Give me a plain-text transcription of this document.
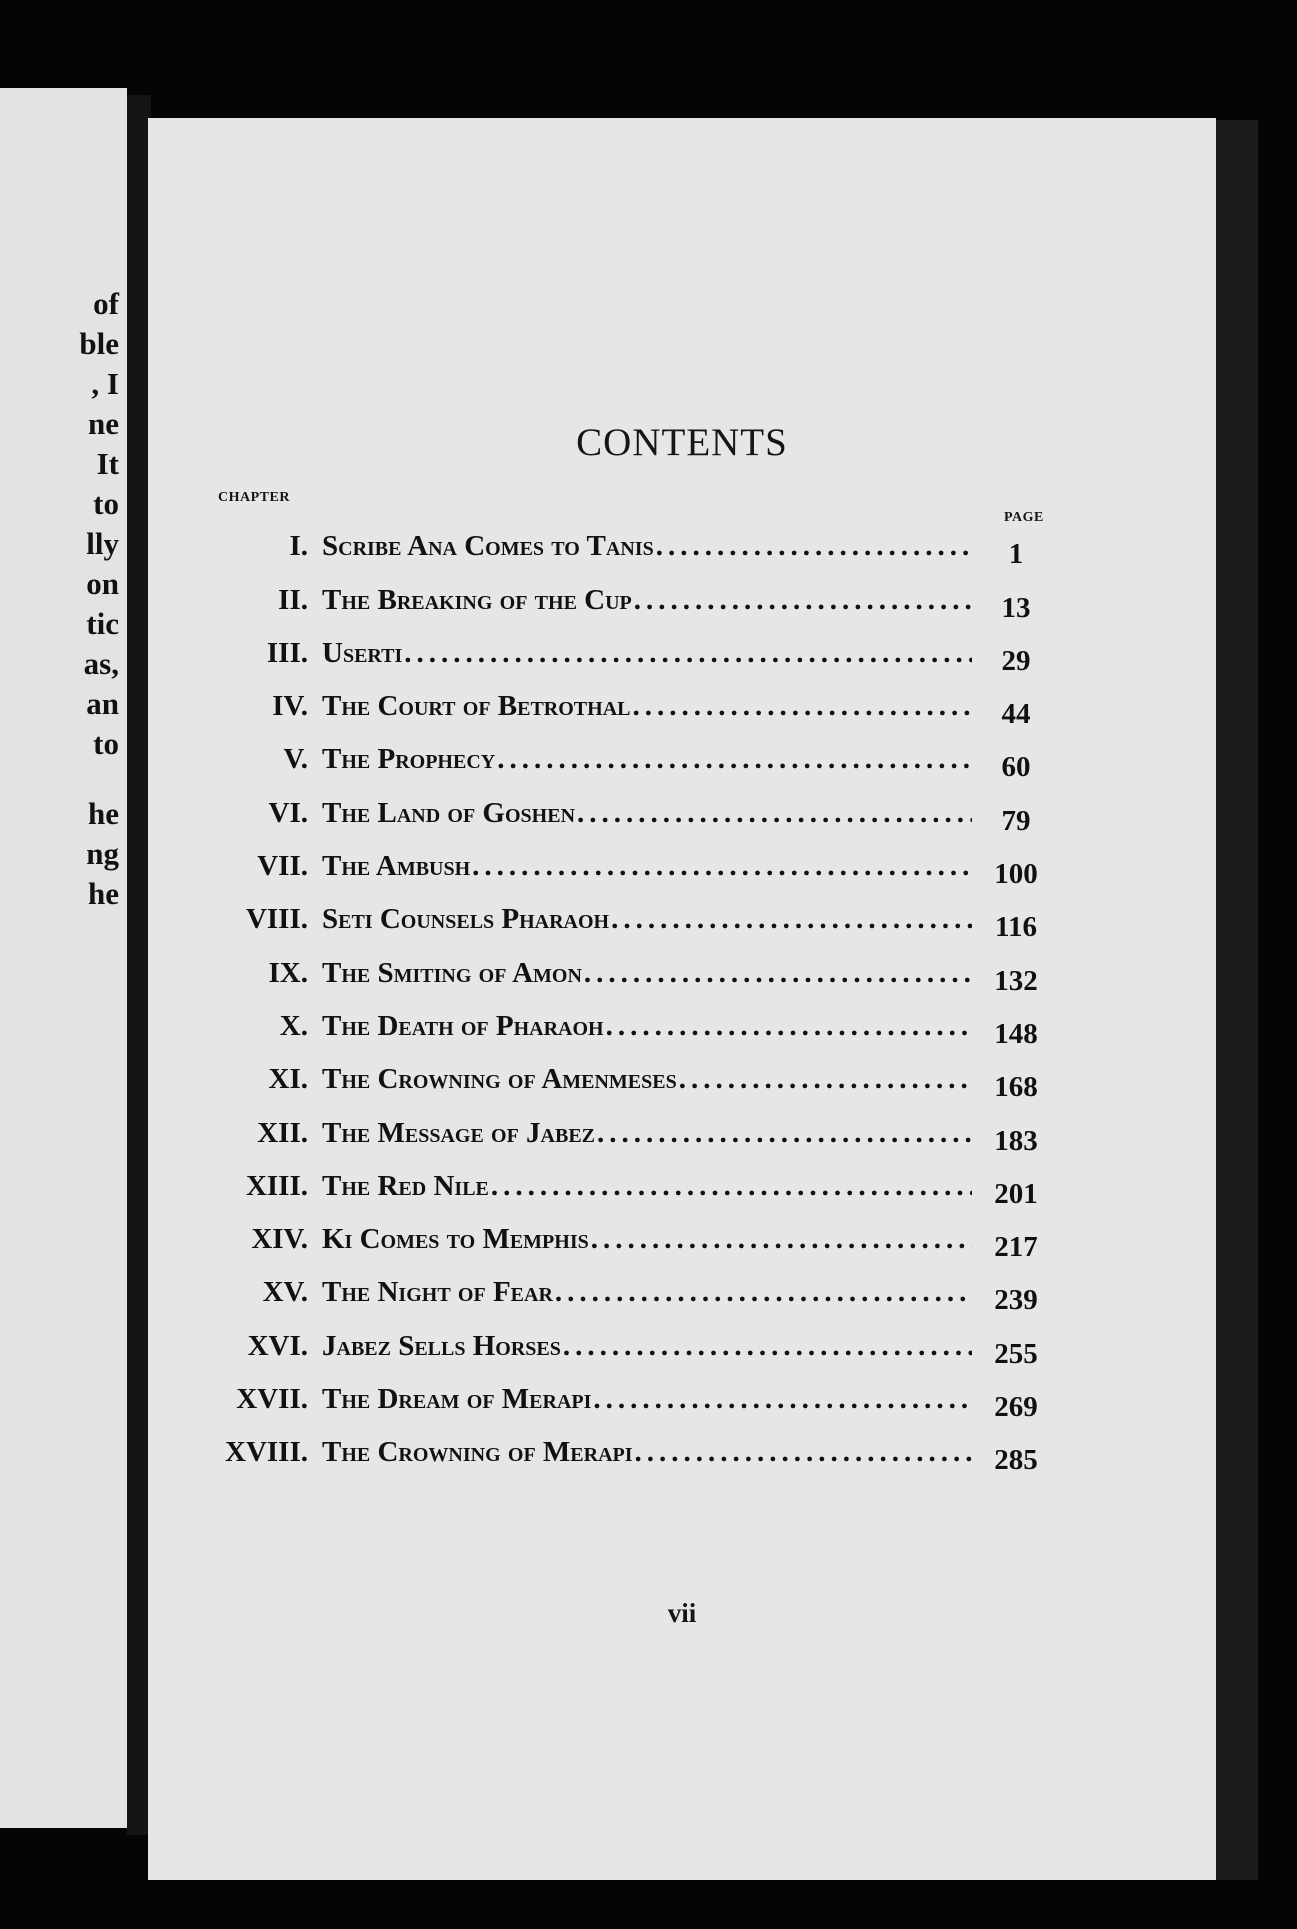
of
ble
, I
ne
It
to
lly
on
tic
as,
an
to
he
ng
he
CONTENTS
CHAPTER
PAGE
I. Scribe Ana Comes to Tanis .....	1
II. The Breaking of the Cup .....	13
III. Userti .....	29
IV. The Court of Betrothal .....	44
V. The Prophecy .....	60
VI. The Land of Goshen .....	79
VII. The Ambush .....	100
VIII. Seti Counsels Pharaoh .....	116
IX. The Smiting of Amon .....	132
X. The Death of Pharaoh .....	148
XI. The Crowning of Amenmeses .....	168
XII. The Message of Jabez .....	183
XIII. The Red Nile .....	201
XIV. Ki Comes to Memphis .....	217
XV. The Night of Fear .....	239
XVI. Jabez Sells Horses .....	255
XVII. The Dream of Merapi .....	269
XVIII. The Crowning of Merapi .....	285
vii
